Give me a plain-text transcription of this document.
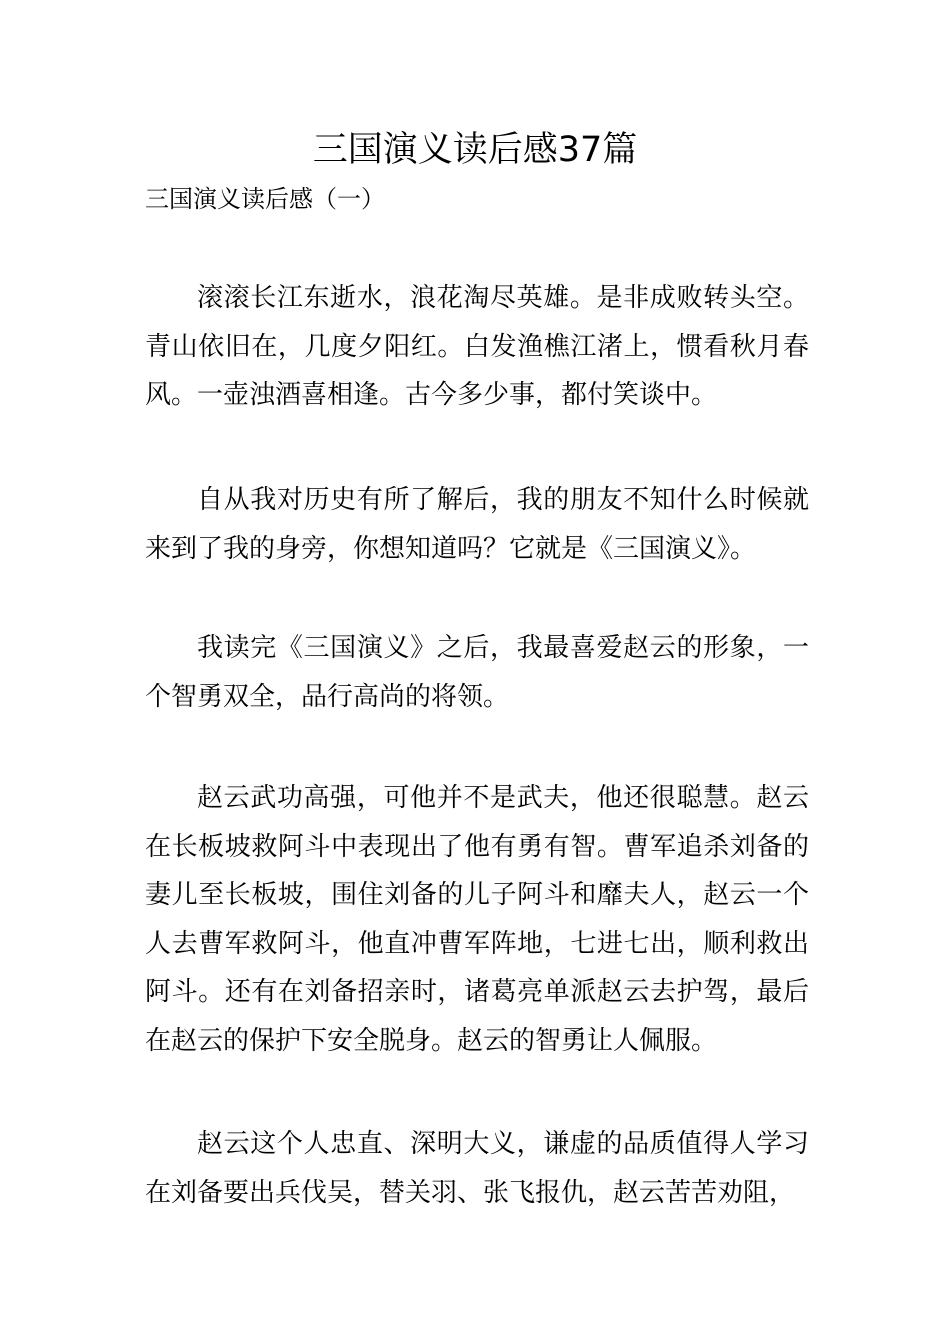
三国演义读后感37篇
三国演义读后感（一）

滚滚长江东逝水，浪花淘尽英雄。是非成败转头空。青山依旧在，几度夕阳红。白发渔樵江渚上，惯看秋月春风。一壶浊酒喜相逢。古今多少事，都付笑谈中。

自从我对历史有所了解后，我的朋友不知什么时候就来到了我的身旁，你想知道吗？它就是《三国演义》。

我读完《三国演义》之后，我最喜爱赵云的形象，一个智勇双全，品行高尚的将领。

赵云武功高强，可他并不是武夫，他还很聪慧。赵云在长板坡救阿斗中表现出了他有勇有智。曹军追杀刘备的妻儿至长板坡，围住刘备的儿子阿斗和靡夫人，赵云一个人去曹军救阿斗，他直冲曹军阵地，七进七出，顺利救出阿斗。还有在刘备招亲时，诸葛亮单派赵云去护驾，最后在赵云的保护下安全脱身。赵云的智勇让人佩服。

赵云这个人忠直、深明大义，谦虚的品质值得人学习在刘备要出兵伐吴，替关羽、张飞报仇，赵云苦苦劝阻，
